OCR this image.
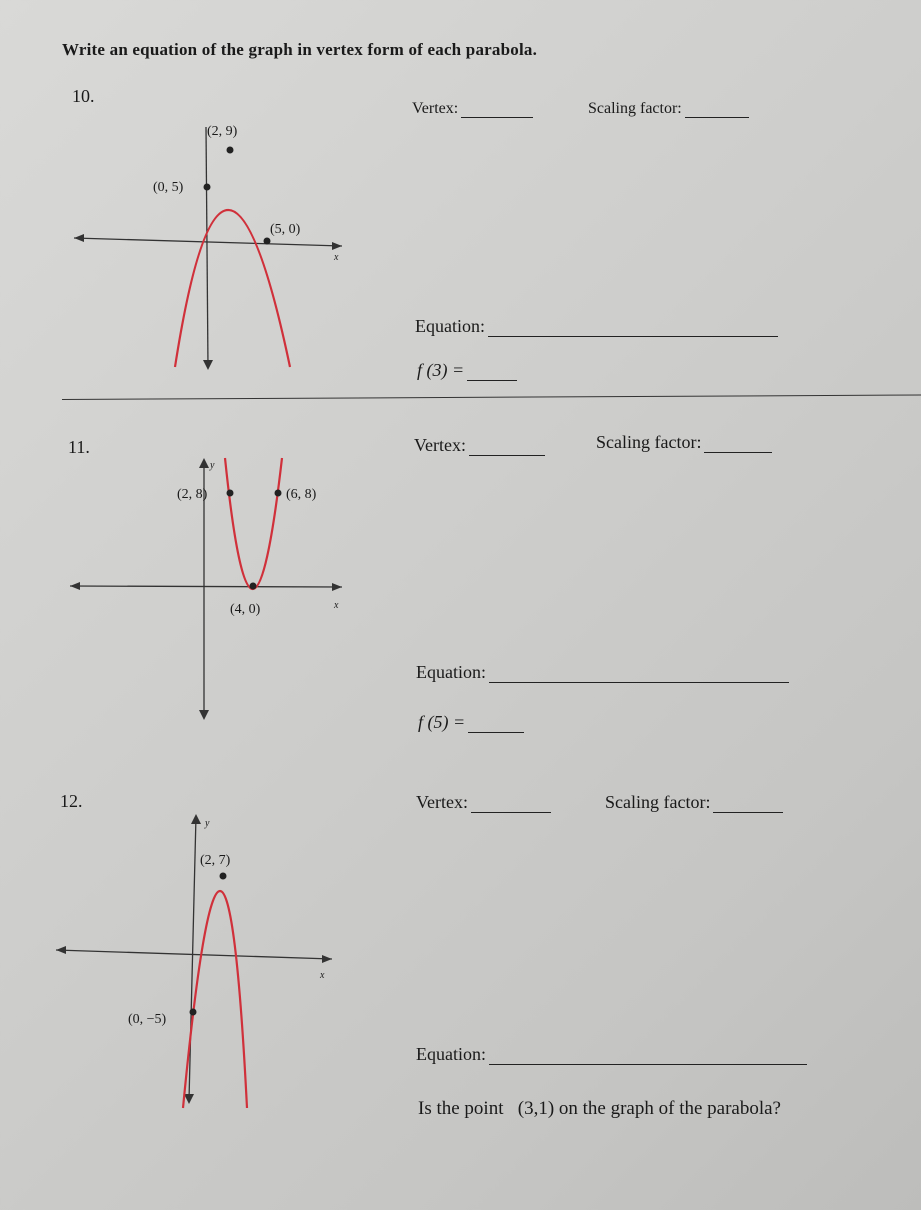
Write an equation of the graph in vertex form of each parabola.
10.
x
(2, 9)
(0, 5)
(5, 0)
Vertex:	Scaling factor:
Equation:
f (3) =
11.
x
y
(2, 8)	(6, 8)
(4, 0)
Vertex:	Scaling factor:
Equation:
f (5) =
12.
x
y
(2, 7)
(0, −5)
Vertex:	Scaling factor:
Equation:
Is the point   (3,1) on the graph of the parabola?
